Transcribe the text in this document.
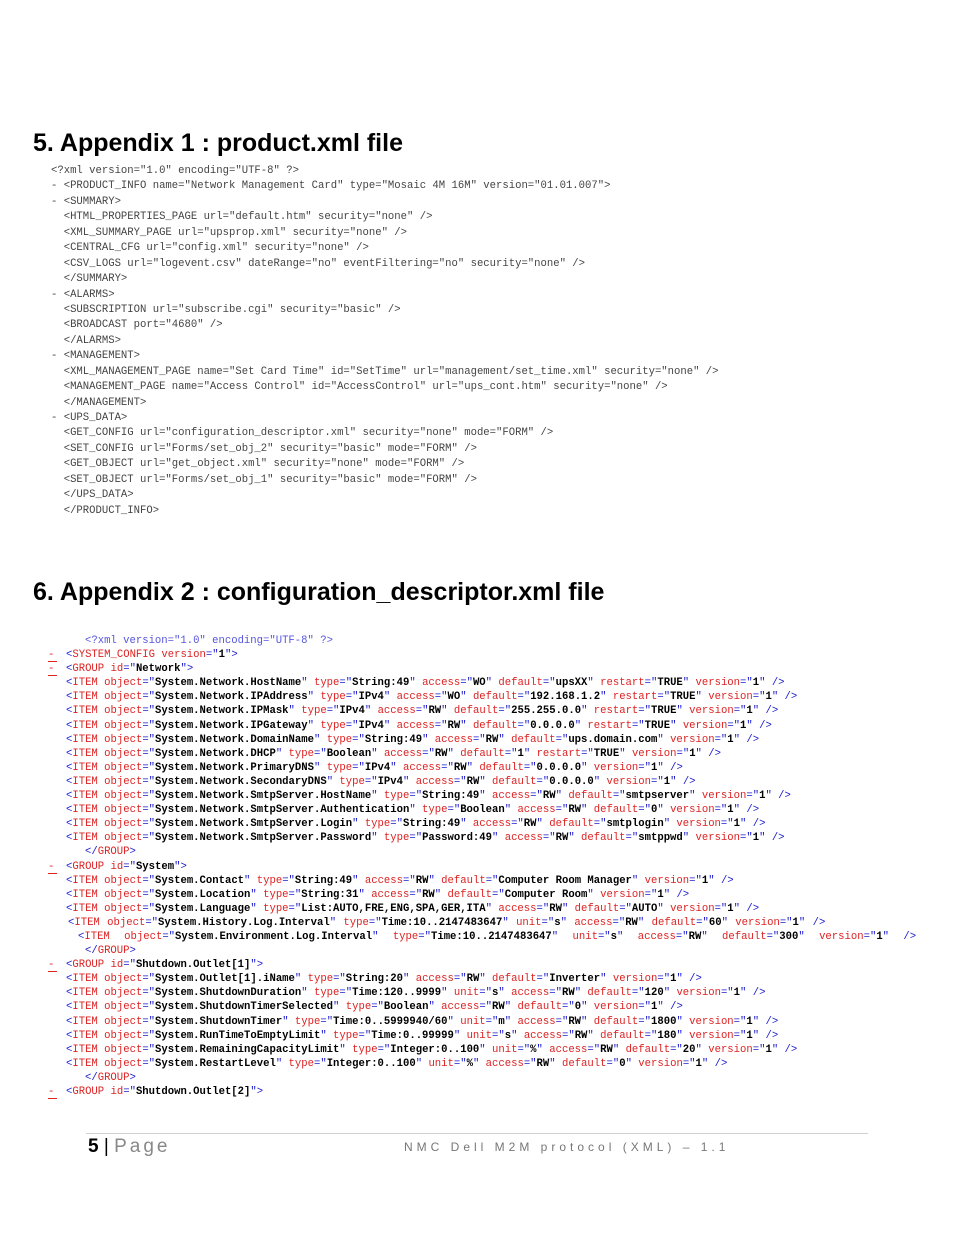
5. Appendix 1 : product.xml file
<?xml version="1.0" encoding="UTF-8" ?>
- <PRODUCT_INFO name="Network Management Card" type="Mosaic 4M 16M" version="01.01.007">
- <SUMMARY>
<HTML_PROPERTIES_PAGE url="default.htm" security="none" />
<XML_SUMMARY_PAGE url="upsprop.xml" security="none" />
<CENTRAL_CFG url="config.xml" security="none" />
<CSV_LOGS url="logevent.csv" dateRange="no" eventFiltering="no" security="none" />
</SUMMARY>
- <ALARMS>
<SUBSCRIPTION url="subscribe.cgi" security="basic" />
<BROADCAST port="4680" />
</ALARMS>
- <MANAGEMENT>
<XML_MANAGEMENT_PAGE name="Set Card Time" id="SetTime" url="management/set_time.xml" security="none" />
<MANAGEMENT_PAGE name="Access Control" id="AccessControl" url="ups_cont.htm" security="none" />
</MANAGEMENT>
- <UPS_DATA>
<GET_CONFIG url="configuration_descriptor.xml" security="none" mode="FORM" />
<SET_CONFIG url="Forms/set_obj_2" security="basic" mode="FORM" />
<GET_OBJECT url="get_object.xml" security="none" mode="FORM" />
<SET_OBJECT url="Forms/set_obj_1" security="basic" mode="FORM" />
</UPS_DATA>
</PRODUCT_INFO>
6. Appendix 2 : configuration_descriptor.xml file
<?xml version="1.0" encoding="UTF-8" ?>
-	<SYSTEM_CONFIG version="1">
-	<GROUP id="Network">
<ITEM object="System.Network.HostName" type="String:49" access="WO" default="upsXX" restart="TRUE" version="1" />
<ITEM object="System.Network.IPAddress" type="IPv4" access="WO" default="192.168.1.2" restart="TRUE" version="1" />
<ITEM object="System.Network.IPMask" type="IPv4" access="RW" default="255.255.0.0" restart="TRUE" version="1" />
<ITEM object="System.Network.IPGateway" type="IPv4" access="RW" default="0.0.0.0" restart="TRUE" version="1" />
<ITEM object="System.Network.DomainName" type="String:49" access="RW" default="ups.domain.com" version="1" />
<ITEM object="System.Network.DHCP" type="Boolean" access="RW" default="1" restart="TRUE" version="1" />
<ITEM object="System.Network.PrimaryDNS" type="IPv4" access="RW" default="0.0.0.0" version="1" />
<ITEM object="System.Network.SecondaryDNS" type="IPv4" access="RW" default="0.0.0.0" version="1" />
<ITEM object="System.Network.SmtpServer.HostName" type="String:49" access="RW" default="smtpserver" version="1" />
<ITEM object="System.Network.SmtpServer.Authentication" type="Boolean" access="RW" default="0" version="1" />
<ITEM object="System.Network.SmtpServer.Login" type="String:49" access="RW" default="smtplogin" version="1" />
<ITEM object="System.Network.SmtpServer.Password" type="Password:49" access="RW" default="smtppwd" version="1" />
</GROUP>
-	<GROUP id="System">
<ITEM object="System.Contact" type="String:49" access="RW" default="Computer Room Manager" version="1" />
<ITEM object="System.Location" type="String:31" access="RW" default="Computer Room" version="1" />
<ITEM object="System.Language" type="List:AUTO,FRE,ENG,SPA,GER,ITA" access="RW" default="AUTO" version="1" />
<ITEM object="System.History.Log.Interval" type="Time:10..2147483647" unit="s" access="RW" default="60" version="1" />
<ITEM object="System.Environment.Log.Interval" type="Time:10..2147483647" unit="s" access="RW" default="300" version="1" />
</GROUP>
-	<GROUP id="Shutdown.Outlet[1]">
<ITEM object="System.Outlet[1].iName" type="String:20" access="RW" default="Inverter" version="1" />
<ITEM object="System.ShutdownDuration" type="Time:120..9999" unit="s" access="RW" default="120" version="1" />
<ITEM object="System.ShutdownTimerSelected" type="Boolean" access="RW" default="0" version="1" />
<ITEM object="System.ShutdownTimer" type="Time:0..5999940/60" unit="m" access="RW" default="1800" version="1" />
<ITEM object="System.RunTimeToEmptyLimit" type="Time:0..99999" unit="s" access="RW" default="180" version="1" />
<ITEM object="System.RemainingCapacityLimit" type="Integer:0..100" unit="%" access="RW" default="20" version="1" />
<ITEM object="System.RestartLevel" type="Integer:0..100" unit="%" access="RW" default="0" version="1" />
</GROUP>
-	<GROUP id="Shutdown.Outlet[2]">
5 | Page	NMC Dell M2M protocol (XML) – 1.1
